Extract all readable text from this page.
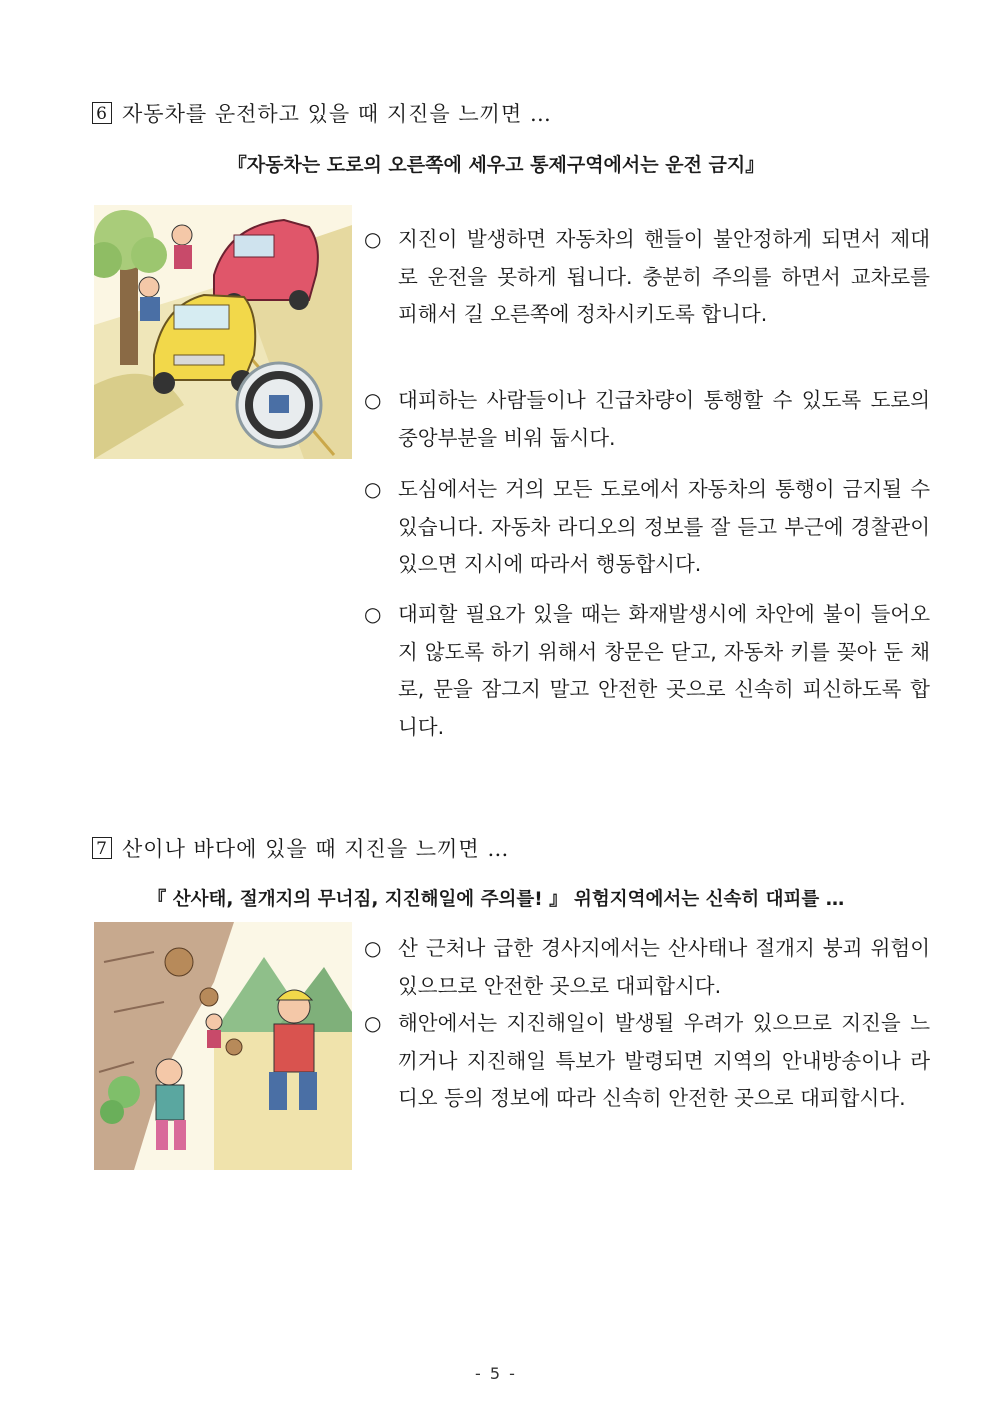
6 자동차를 운전하고 있을 때 지진을 느끼면 …
『자동차는 도로의 오른쪽에 세우고 통제구역에서는 운전 금지』
○ 지진이 발생하면 자동차의 핸들이 불안정하게 되면서 제대로 운전을 못하게 됩니다. 충분히 주의를 하면서 교차로를 피해서 길 오른쪽에 정차시키도록 합니다.
○ 대피하는 사람들이나 긴급차량이 통행할 수 있도록 도로의 중앙부분을 비워 둡시다.
○ 도심에서는 거의 모든 도로에서 자동차의 통행이 금지될 수 있습니다. 자동차 라디오의 정보를 잘 듣고 부근에 경찰관이 있으면 지시에 따라서 행동합시다.
○ 대피할 필요가 있을 때는 화재발생시에 차안에 불이 들어오지 않도록 하기 위해서 창문은 닫고, 자동차 키를 꽂아 둔 채로, 문을 잠그지 말고 안전한 곳으로 신속히 피신하도록 합니다.
7 산이나 바다에 있을 때 지진을 느끼면 …
『 산사태, 절개지의 무너짐, 지진해일에 주의를! 』 위험지역에서는 신속히 대피를 …
○ 산 근처나 급한 경사지에서는 산사태나 절개지 붕괴 위험이 있으므로 안전한 곳으로 대피합시다.
○ 해안에서는 지진해일이 발생될 우려가 있으므로 지진을 느끼거나 지진해일 특보가 발령되면 지역의 안내방송이나 라디오 등의 정보에 따라 신속히 안전한 곳으로 대피합시다.
- 5 -
